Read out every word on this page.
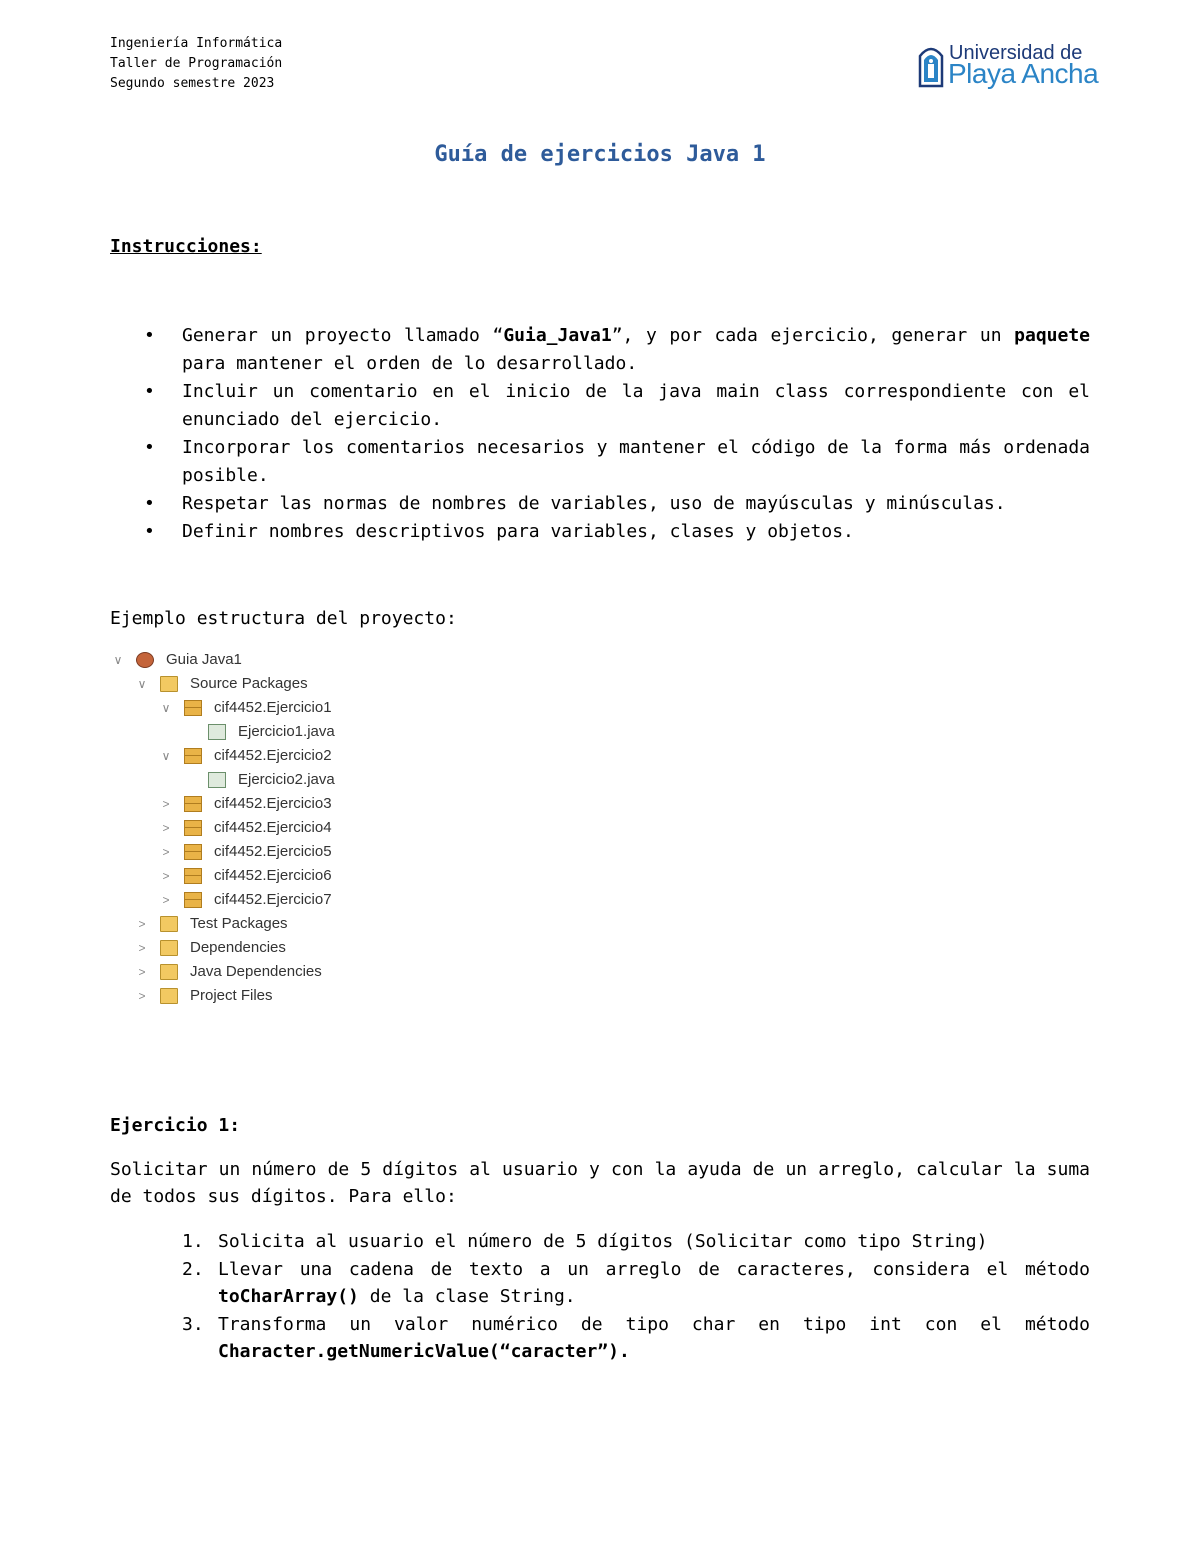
Ingeniería Informática
Taller de Programación
Segundo semestre 2023
Universidad de
Playa Ancha
Guía de ejercicios Java 1
Instrucciones:
• Generar un proyecto llamado “Guia_Java1”, y por cada ejercicio, generar un paquete para mantener el orden de lo desarrollado.
• Incluir un comentario en el inicio de la java main class correspondiente con el enunciado del ejercicio.
• Incorporar los comentarios necesarios y mantener el código de la forma más ordenada posible.
• Respetar las normas de nombres de variables, uso de mayúsculas y minúsculas.
• Definir nombres descriptivos para variables, clases y objetos.
Ejemplo estructura del proyecto:
∨	Guia Java1
∨	Source Packages
∨	cif4452.Ejercicio1
Ejercicio1.java
∨	cif4452.Ejercicio2
Ejercicio2.java
>	cif4452.Ejercicio3
>	cif4452.Ejercicio4
>	cif4452.Ejercicio5
>	cif4452.Ejercicio6
>	cif4452.Ejercicio7
>	Test Packages
>	Dependencies
>	Java Dependencies
>	Project Files
Ejercicio 1:
Solicitar un número de 5 dígitos al usuario y con la ayuda de un arreglo, calcular la suma de todos sus dígitos. Para ello:
1. Solicita al usuario el número de 5 dígitos (Solicitar como tipo String)
2. Llevar una cadena de texto a un arreglo de caracteres, considera el método toCharArray() de la clase String.
3. Transforma un valor numérico de tipo char en tipo int con el método Character.getNumericValue(“caracter”).
